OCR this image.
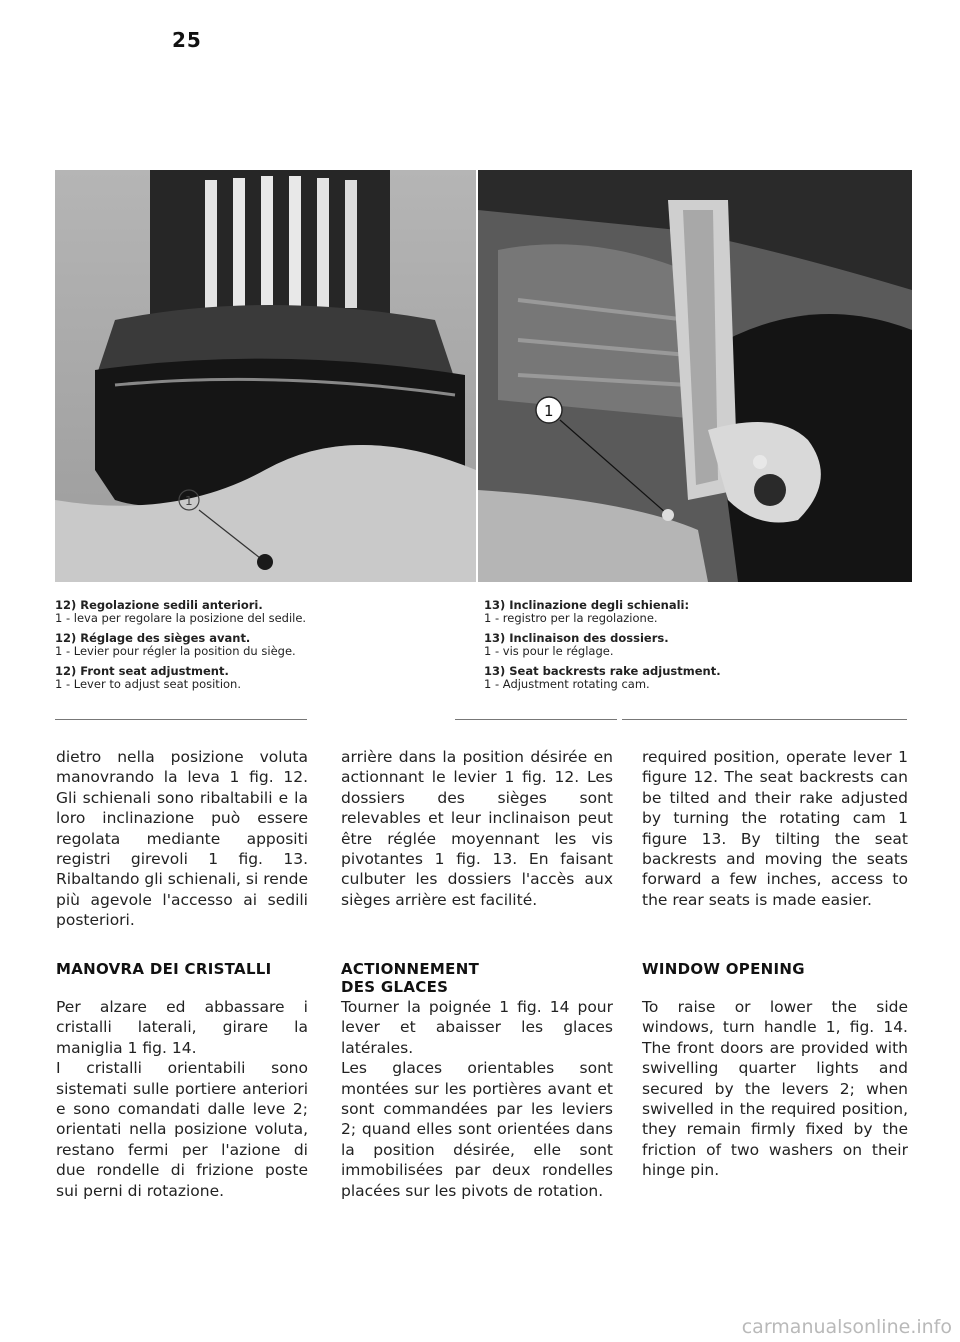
25
1
1
12) Regolazione sedili anteriori.
1 - leva per regolare la posizione del sedile.
12) Réglage des sièges avant.
1 - Levier pour régler la position du siège.
12) Front seat adjustment.
1 - Lever to adjust seat position.
13) Inclinazione degli schienali:
1 - registro per la regolazione.
13) Inclinaison des dossiers.
1 - vis pour le réglage.
13) Seat backrests rake adjustment.
1 - Adjustment rotating cam.

dietro nella posizione voluta manovrando la leva 1 fig. 12. Gli schienali sono ribaltabili e la loro inclinazione può essere regolata mediante appositi registri girevoli 1 fig. 13. Ribaltando gli schienali, si rende più agevole l'accesso ai sedili posteriori.

MANOVRA DEI CRISTALLI

Per alzare ed abbassare i cristalli laterali, girare la maniglia 1 fig. 14.

I cristalli orientabili sono sistemati sulle portiere anteriori e sono comandati dalle leve 2; orientati nella posizione voluta, restano fermi per l'azione di due rondelle di frizione poste sui perni di rotazione.

arrière dans la position désirée en actionnant le levier 1 fig. 12. Les dossiers des sièges sont relevables et leur inclinaison peut être réglée moyennant les vis pivotantes 1 fig. 13. En faisant culbuter les dossiers l'accès aux sièges arrière est facilité.

ACTIONNEMENT DES GLACES

Tourner la poignée 1 fig. 14 pour lever et abaisser les glaces latérales.

Les glaces orientables sont montées sur les portières avant et sont commandées par les leviers 2; quand elles sont orientées dans la position désirée, elle sont immobilisées par deux rondelles placées sur les pivots de rotation.

required position, operate lever 1 figure 12. The seat backrests can be tilted and their rake adjusted by turning the rotating cam 1 figure 13. By tilting the seat backrests and moving the seats forward a few inches, access to the rear seats is made easier.

WINDOW OPENING

To raise or lower the side windows, turn handle 1, fig. 14. The front doors are provided with swivelling quarter lights and secured by the levers 2; when swivelled in the required position, they remain firmly fixed by the friction of two washers on their hinge pin.

carmanualsonline.info
